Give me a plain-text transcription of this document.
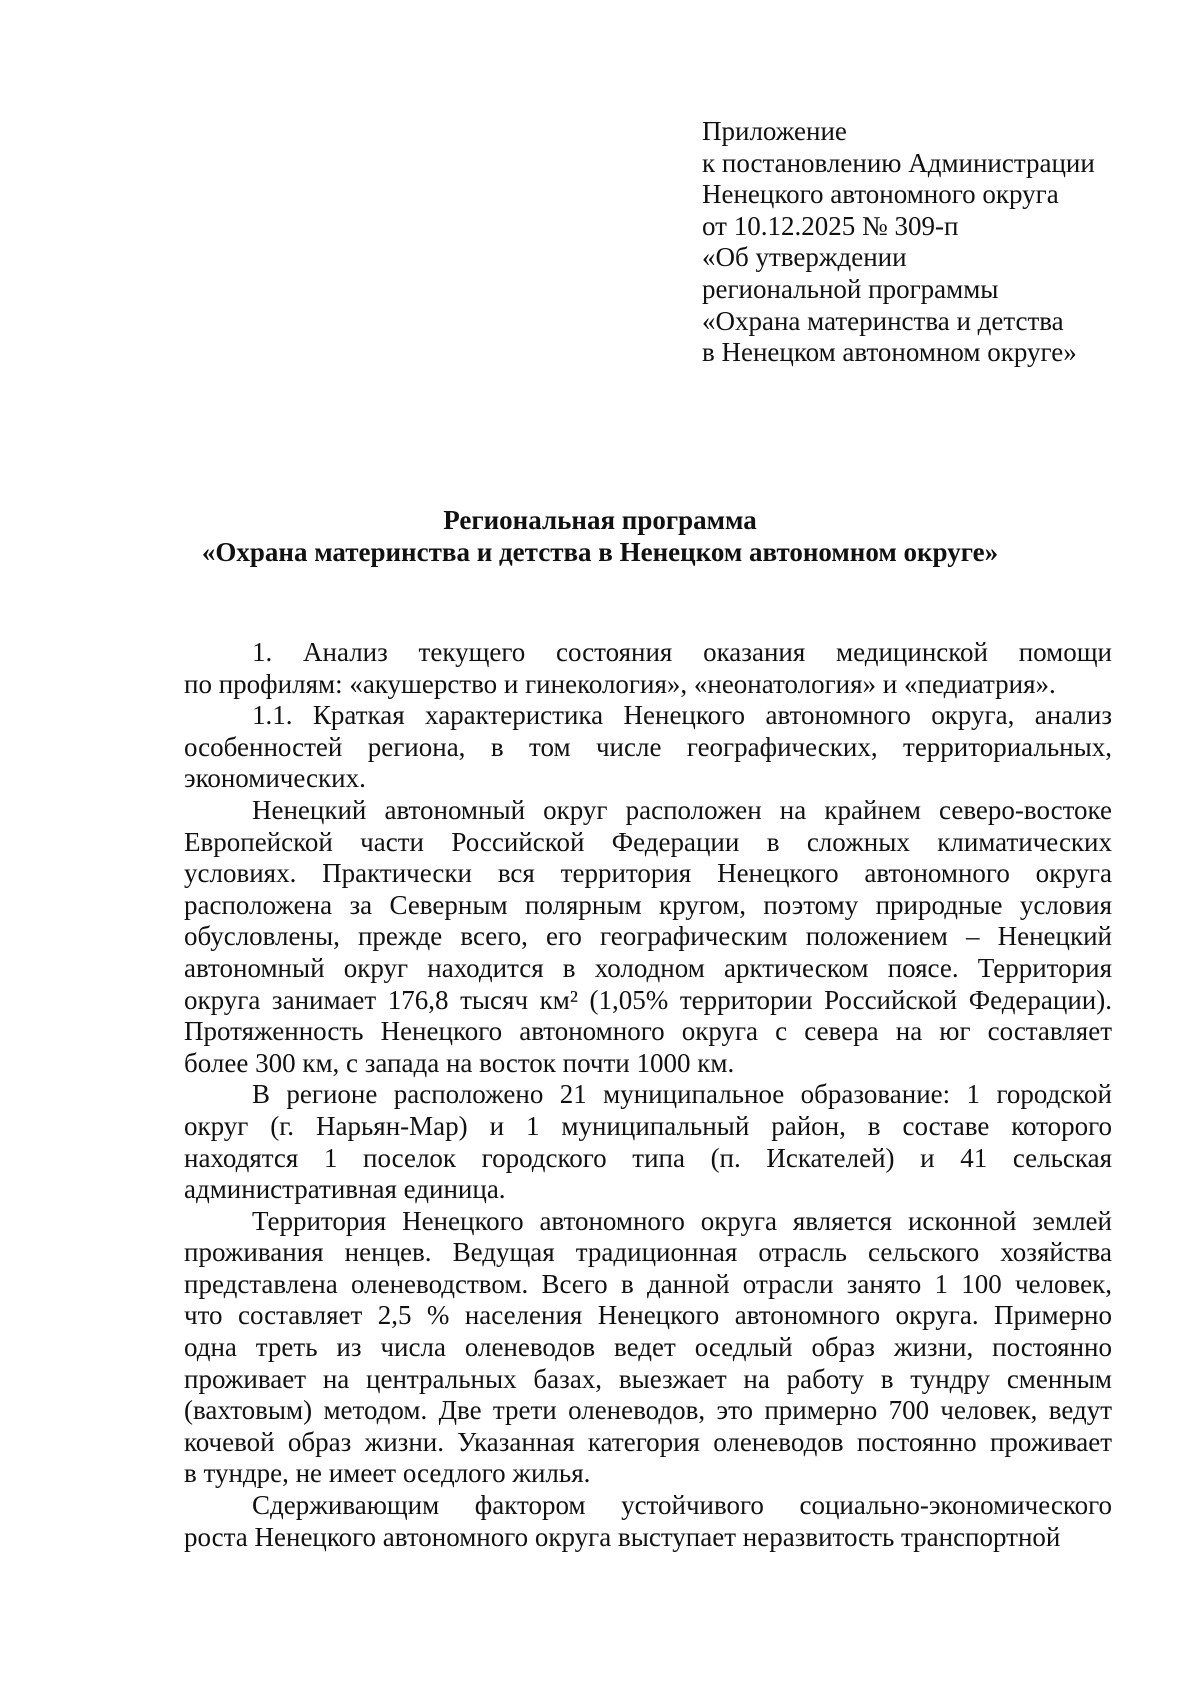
Приложение
к постановлению Администрации
Ненецкого автономного округа
от 10.12.2025 № 309-п
«Об утверждении
региональной программы
«Охрана материнства и детства
в Ненецком автономном округе»
Региональная программа
«Охрана материнства и детства в Ненецком автономном округе»

1. Анализ текущего состояния оказания медицинской помощи
по профилям: «акушерство и гинекология», «неонатология» и «педиатрия».

1.1. Краткая характеристика Ненецкого автономного округа, анализ
особенностей региона, в том числе географических, территориальных,
экономических.

Ненецкий автономный округ расположен на крайнем северо-востоке
Европейской части Российской Федерации в сложных климатических
условиях. Практически вся территория Ненецкого автономного округа
расположена за Северным полярным кругом, поэтому природные условия
обусловлены, прежде всего, его географическим положением – Ненецкий
автономный округ находится в холодном арктическом поясе. Территория
округа занимает 176,8 тысяч км² (1,05% территории Российской Федерации).
Протяженность Ненецкого автономного округа с севера на юг составляет
более 300 км, с запада на восток почти 1000 км.

В регионе расположено 21 муниципальное образование: 1 городской
округ (г. Нарьян-Мар) и 1 муниципальный район, в составе которого
находятся 1 поселок городского типа (п. Искателей) и 41 сельская
административная единица.

Территория Ненецкого автономного округа является исконной землей
проживания ненцев. Ведущая традиционная отрасль сельского хозяйства
представлена оленеводством. Всего в данной отрасли занято 1 100 человек,
что составляет 2,5 % населения Ненецкого автономного округа. Примерно
одна треть из числа оленеводов ведет оседлый образ жизни, постоянно
проживает на центральных базах, выезжает на работу в тундру сменным
(вахтовым) методом. Две трети оленеводов, это примерно 700 человек, ведут
кочевой образ жизни. Указанная категория оленеводов постоянно проживает
в тундре, не имеет оседлого жилья.

Сдерживающим фактором устойчивого социально-экономического
роста Ненецкого автономного округа выступает неразвитость транспортной
